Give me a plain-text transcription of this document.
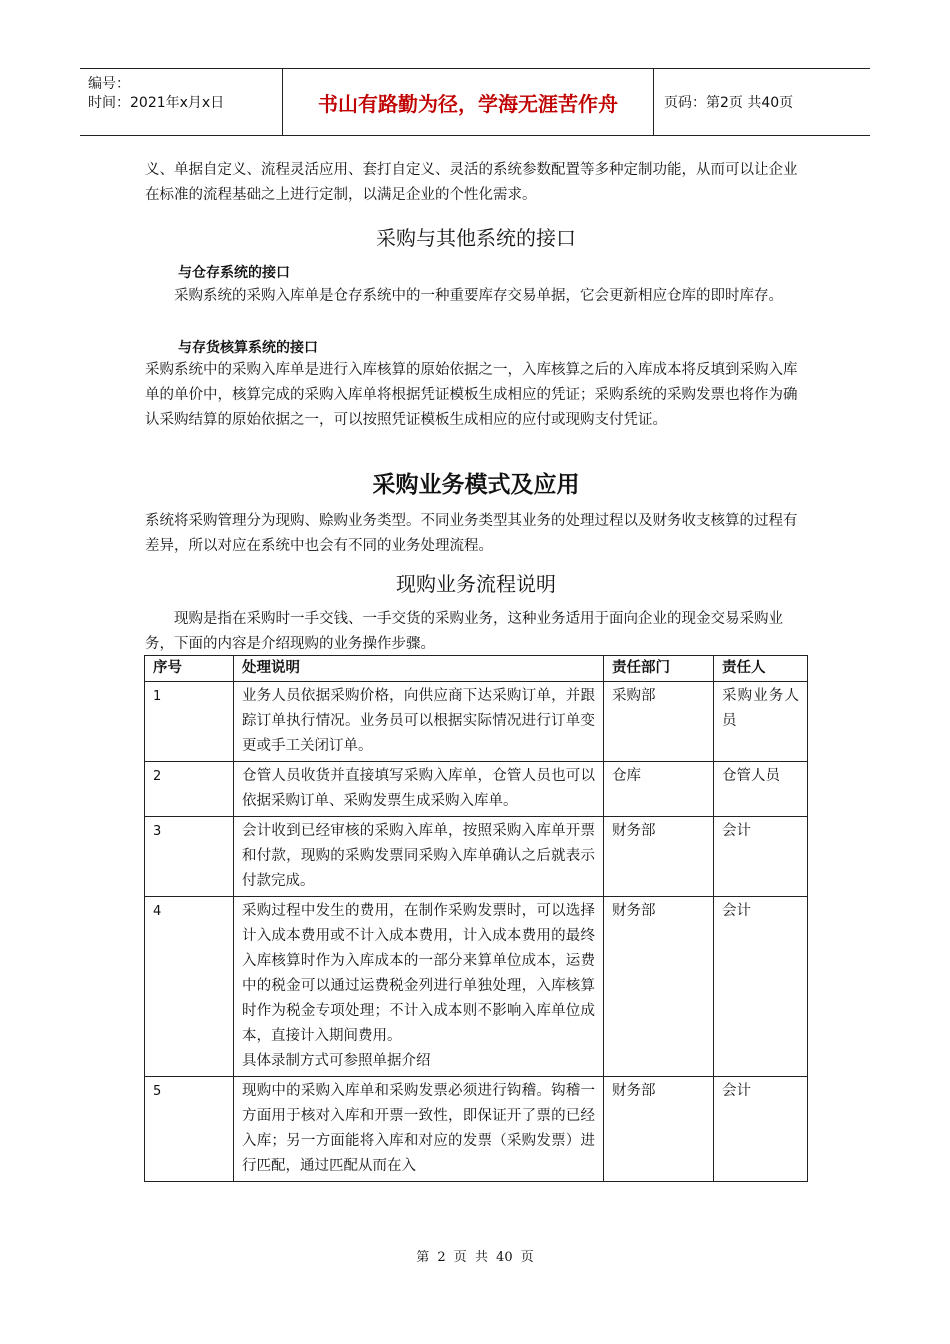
编号：
时间：2021年x月x日	书山有路勤为径，学海无涯苦作舟	页码：第2页 共40页
义、单据自定义、流程灵活应用、套打自定义、灵活的系统参数配置等多种定制功能，从而可以让企业在标准的流程基础之上进行定制，以满足企业的个性化需求。
采购与其他系统的接口
与仓存系统的接口
采购系统的采购入库单是仓存系统中的一种重要库存交易单据，它会更新相应仓库的即时库存。
与存货核算系统的接口
采购系统中的采购入库单是进行入库核算的原始依据之一，入库核算之后的入库成本将反填到采购入库单的单价中，核算完成的采购入库单将根据凭证模板生成相应的凭证；采购系统的采购发票也将作为确认采购结算的原始依据之一，可以按照凭证模板生成相应的应付或现购支付凭证。
采购业务模式及应用
系统将采购管理分为现购、赊购业务类型。不同业务类型其业务的处理过程以及财务收支核算的过程有差异，所以对应在系统中也会有不同的业务处理流程。
现购业务流程说明
现购是指在采购时一手交钱、一手交货的采购业务，这种业务适用于面向企业的现金交易采购业务，下面的内容是介绍现购的业务操作步骤。
序号	处理说明	责任部门	责任人
1	业务人员依据采购价格，向供应商下达采购订单，并跟踪订单执行情况。业务员可以根据实际情况进行订单变更或手工关闭订单。	采购部	采购业务人员
2	仓管人员收货并直接填写采购入库单，仓管人员也可以依据采购订单、采购发票生成采购入库单。	仓库	仓管人员
3	会计收到已经审核的采购入库单，按照采购入库单开票和付款，现购的采购发票同采购入库单确认之后就表示付款完成。	财务部	会计
4	采购过程中发生的费用，在制作采购发票时，可以选择计入成本费用或不计入成本费用，计入成本费用的最终入库核算时作为入库成本的一部分来算单位成本，运费中的税金可以通过运费税金列进行单独处理，入库核算时作为税金专项处理；不计入成本则不影响入库单位成本，直接计入期间费用。
具体录制方式可参照单据介绍	财务部	会计
5	现购中的采购入库单和采购发票必须进行钩稽。钩稽一方面用于核对入库和开票一致性，即保证开了票的已经入库；另一方面能将入库和对应的发票（采购发票）进行匹配，通过匹配从而在入	财务部	会计
第 2 页 共 40 页
